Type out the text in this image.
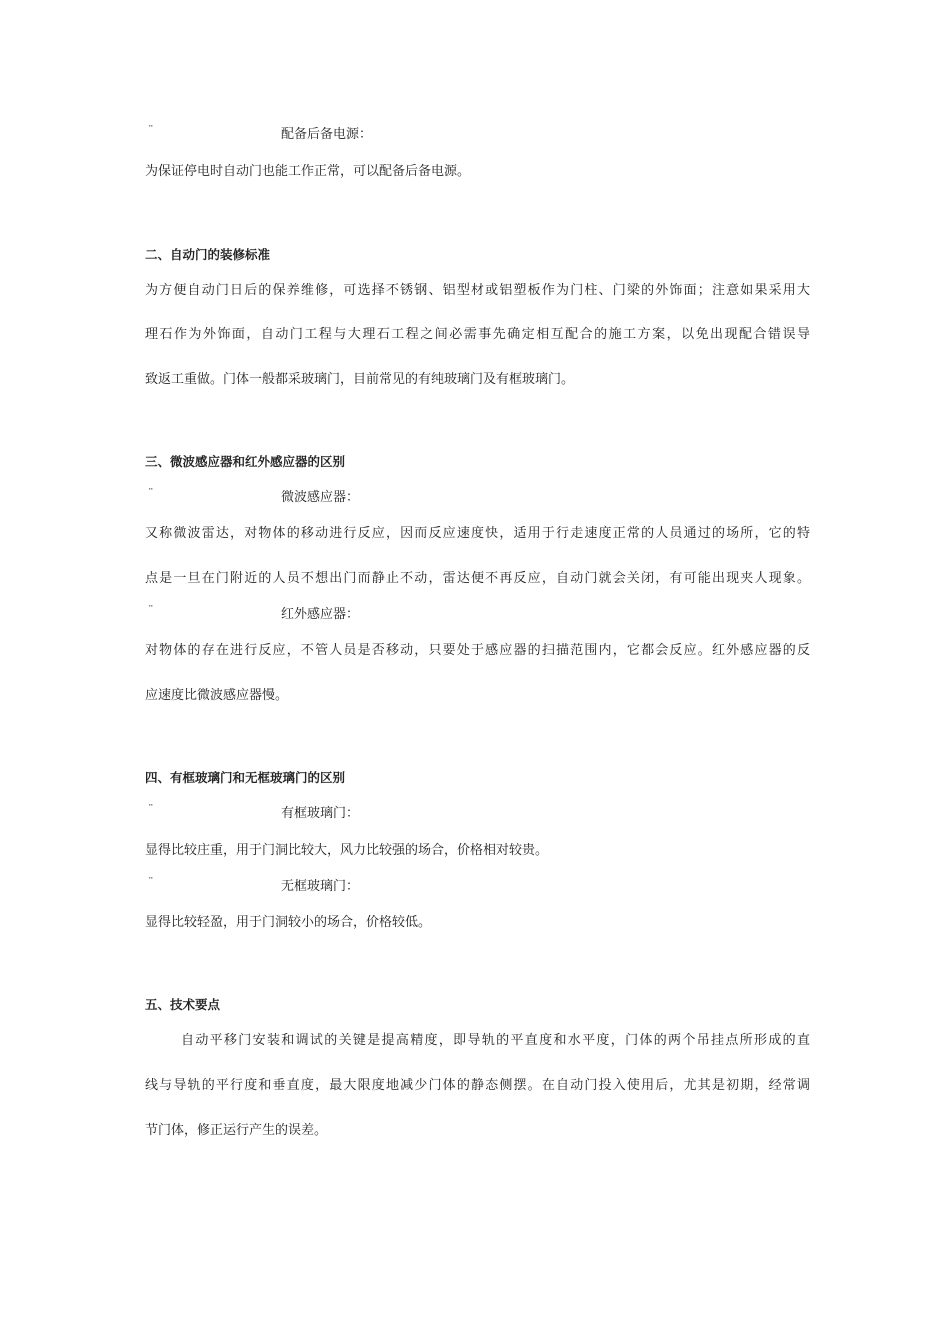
¨	配备后备电源：
为保证停电时自动门也能工作正常，可以配备后备电源。
二、自动门的装修标准
为方便自动门日后的保养维修，可选择不锈钢、铝型材或铝塑板作为门柱、门梁的外饰面；注意如果采用大
理石作为外饰面，自动门工程与大理石工程之间必需事先确定相互配合的施工方案，以免出现配合错误导
致返工重做。门体一般都采玻璃门，目前常见的有纯玻璃门及有框玻璃门。
三、微波感应器和红外感应器的区别
¨	微波感应器：
又称微波雷达，对物体的移动进行反应，因而反应速度快，适用于行走速度正常的人员通过的场所，它的特
点是一旦在门附近的人员不想出门而静止不动，雷达便不再反应，自动门就会关闭，有可能出现夹人现象。
¨	红外感应器：
对物体的存在进行反应，不管人员是否移动，只要处于感应器的扫描范围内，它都会反应。红外感应器的反
应速度比微波感应器慢。
四、有框玻璃门和无框玻璃门的区别
¨	有框玻璃门：
显得比较庄重，用于门洞比较大，风力比较强的场合，价格相对较贵。
¨	无框玻璃门：
显得比较轻盈，用于门洞较小的场合，价格较低。
五、技术要点
自动平移门安装和调试的关键是提高精度，即导轨的平直度和水平度，门体的两个吊挂点所形成的直
线与导轨的平行度和垂直度，最大限度地减少门体的静态侧摆。在自动门投入使用后，尤其是初期，经常调
节门体，修正运行产生的误差。
